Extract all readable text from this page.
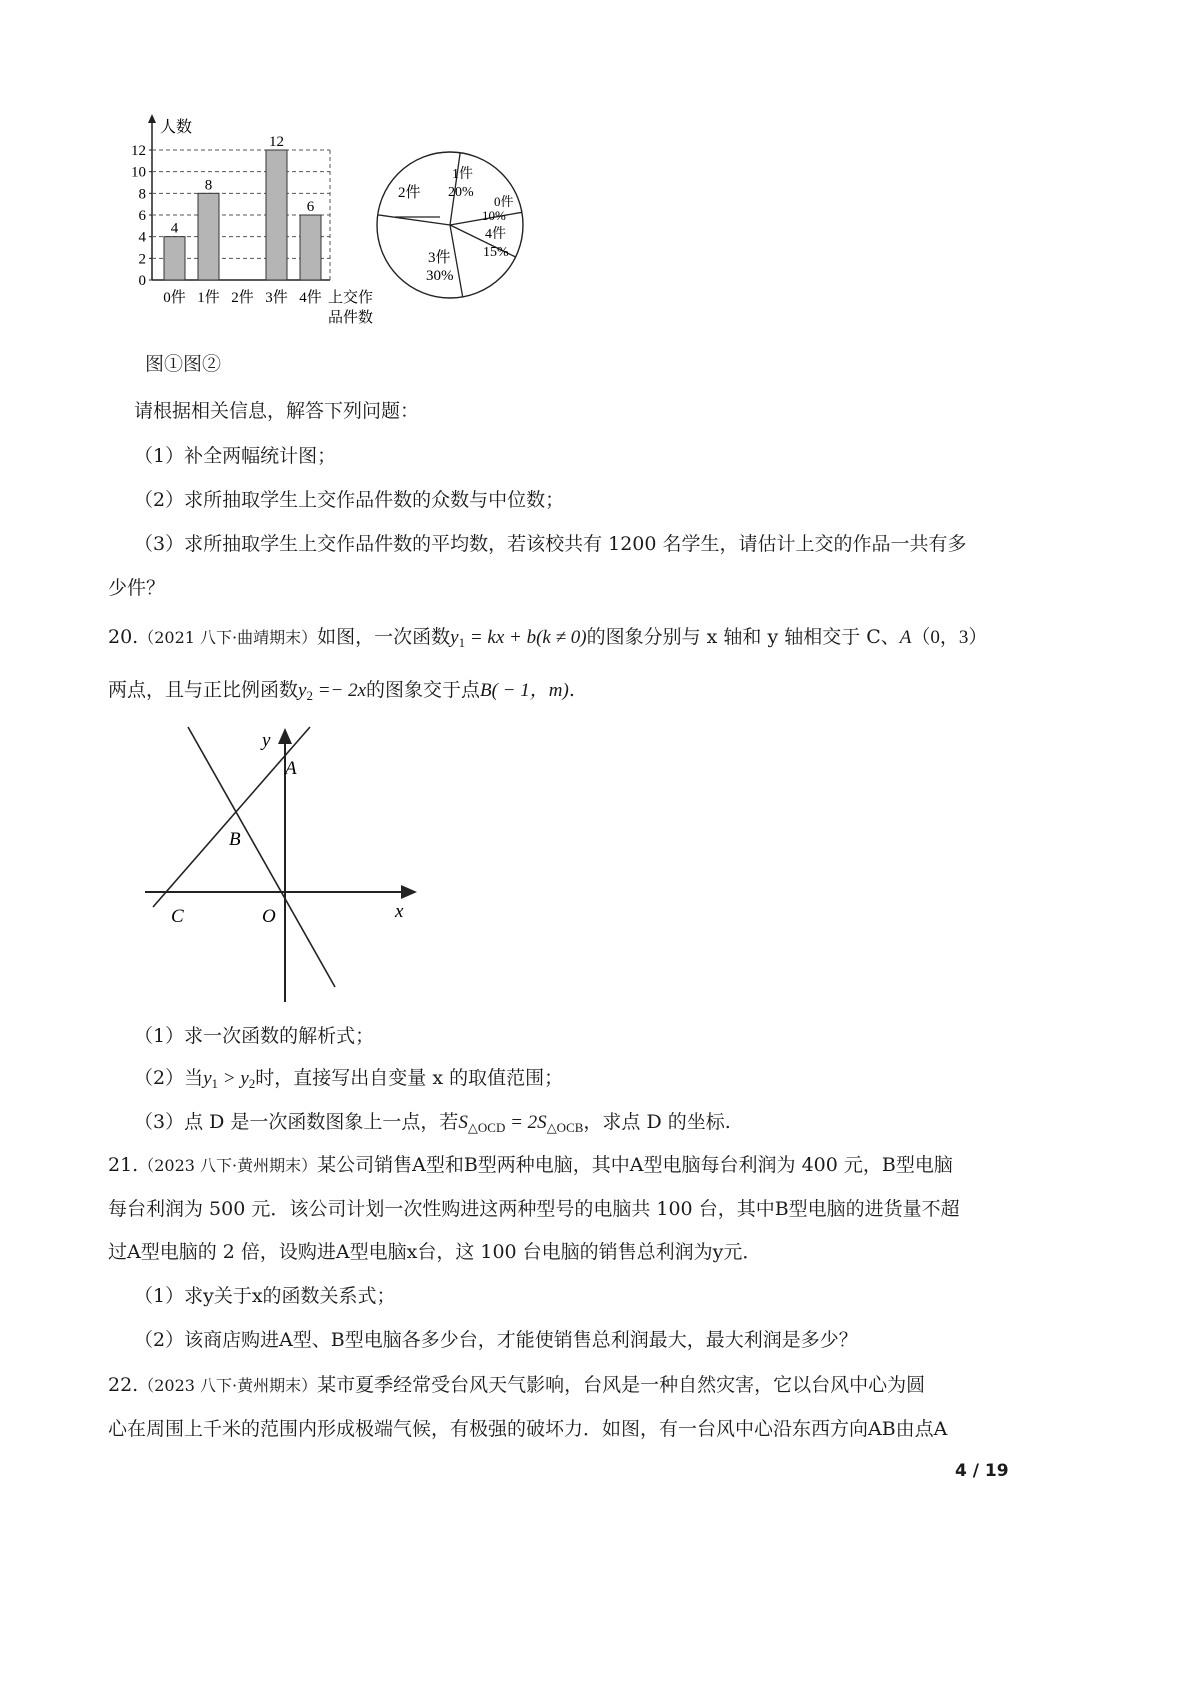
0
2
4
6
8
10
12
4
0件
8
1件 2件
12
3件
6
4件
人数
上交作
品件数
2件
1件
20%
0件
10%
4件
15%
3件
30%
图①图②
请根据相关信息，解答下列问题：
（1）补全两幅统计图；
（2）求所抽取学生上交作品件数的众数与中位数；
（3）求所抽取学生上交作品件数的平均数，若该校共有 1200 名学生，请估计上交的作品一共有多
少件？
20.（2021 八下·曲靖期末）如图，一次函数$y_1$ = kx + b(k ≠ 0)的图象分别与 x 轴和 y 轴相交于 C、A（0，3）
两点，且与正比例函数$y_2 =- 2x$的图象交于点B( − 1，m).
y
x
A
B
C	O
（1）求一次函数的解析式；
（2）当$y_1 > y_2$时，直接写出自变量 x 的取值范围；
（3）点 D 是一次函数图象上一点，若$S_{\triangle OCD} = 2S_{\triangle OCB}$，求点 D 的坐标.
21.（2023 八下·黄州期末）某公司销售A型和B型两种电脑，其中A型电脑每台利润为 400 元，B型电脑
每台利润为 500 元．该公司计划一次性购进这两种型号的电脑共 100 台，其中B型电脑的进货量不超
过A型电脑的 2 倍，设购进A型电脑x台，这 100 台电脑的销售总利润为y元．
（1）求y关于x的函数关系式；
（2）该商店购进A型、B型电脑各多少台，才能使销售总利润最大，最大利润是多少？
22.（2023 八下·黄州期末）某市夏季经常受台风天气影响，台风是一种自然灾害，它以台风中心为圆
心在周围上千米的范围内形成极端气候，有极强的破坏力．如图，有一台风中心沿东西方向AB由点A
4 / 19
